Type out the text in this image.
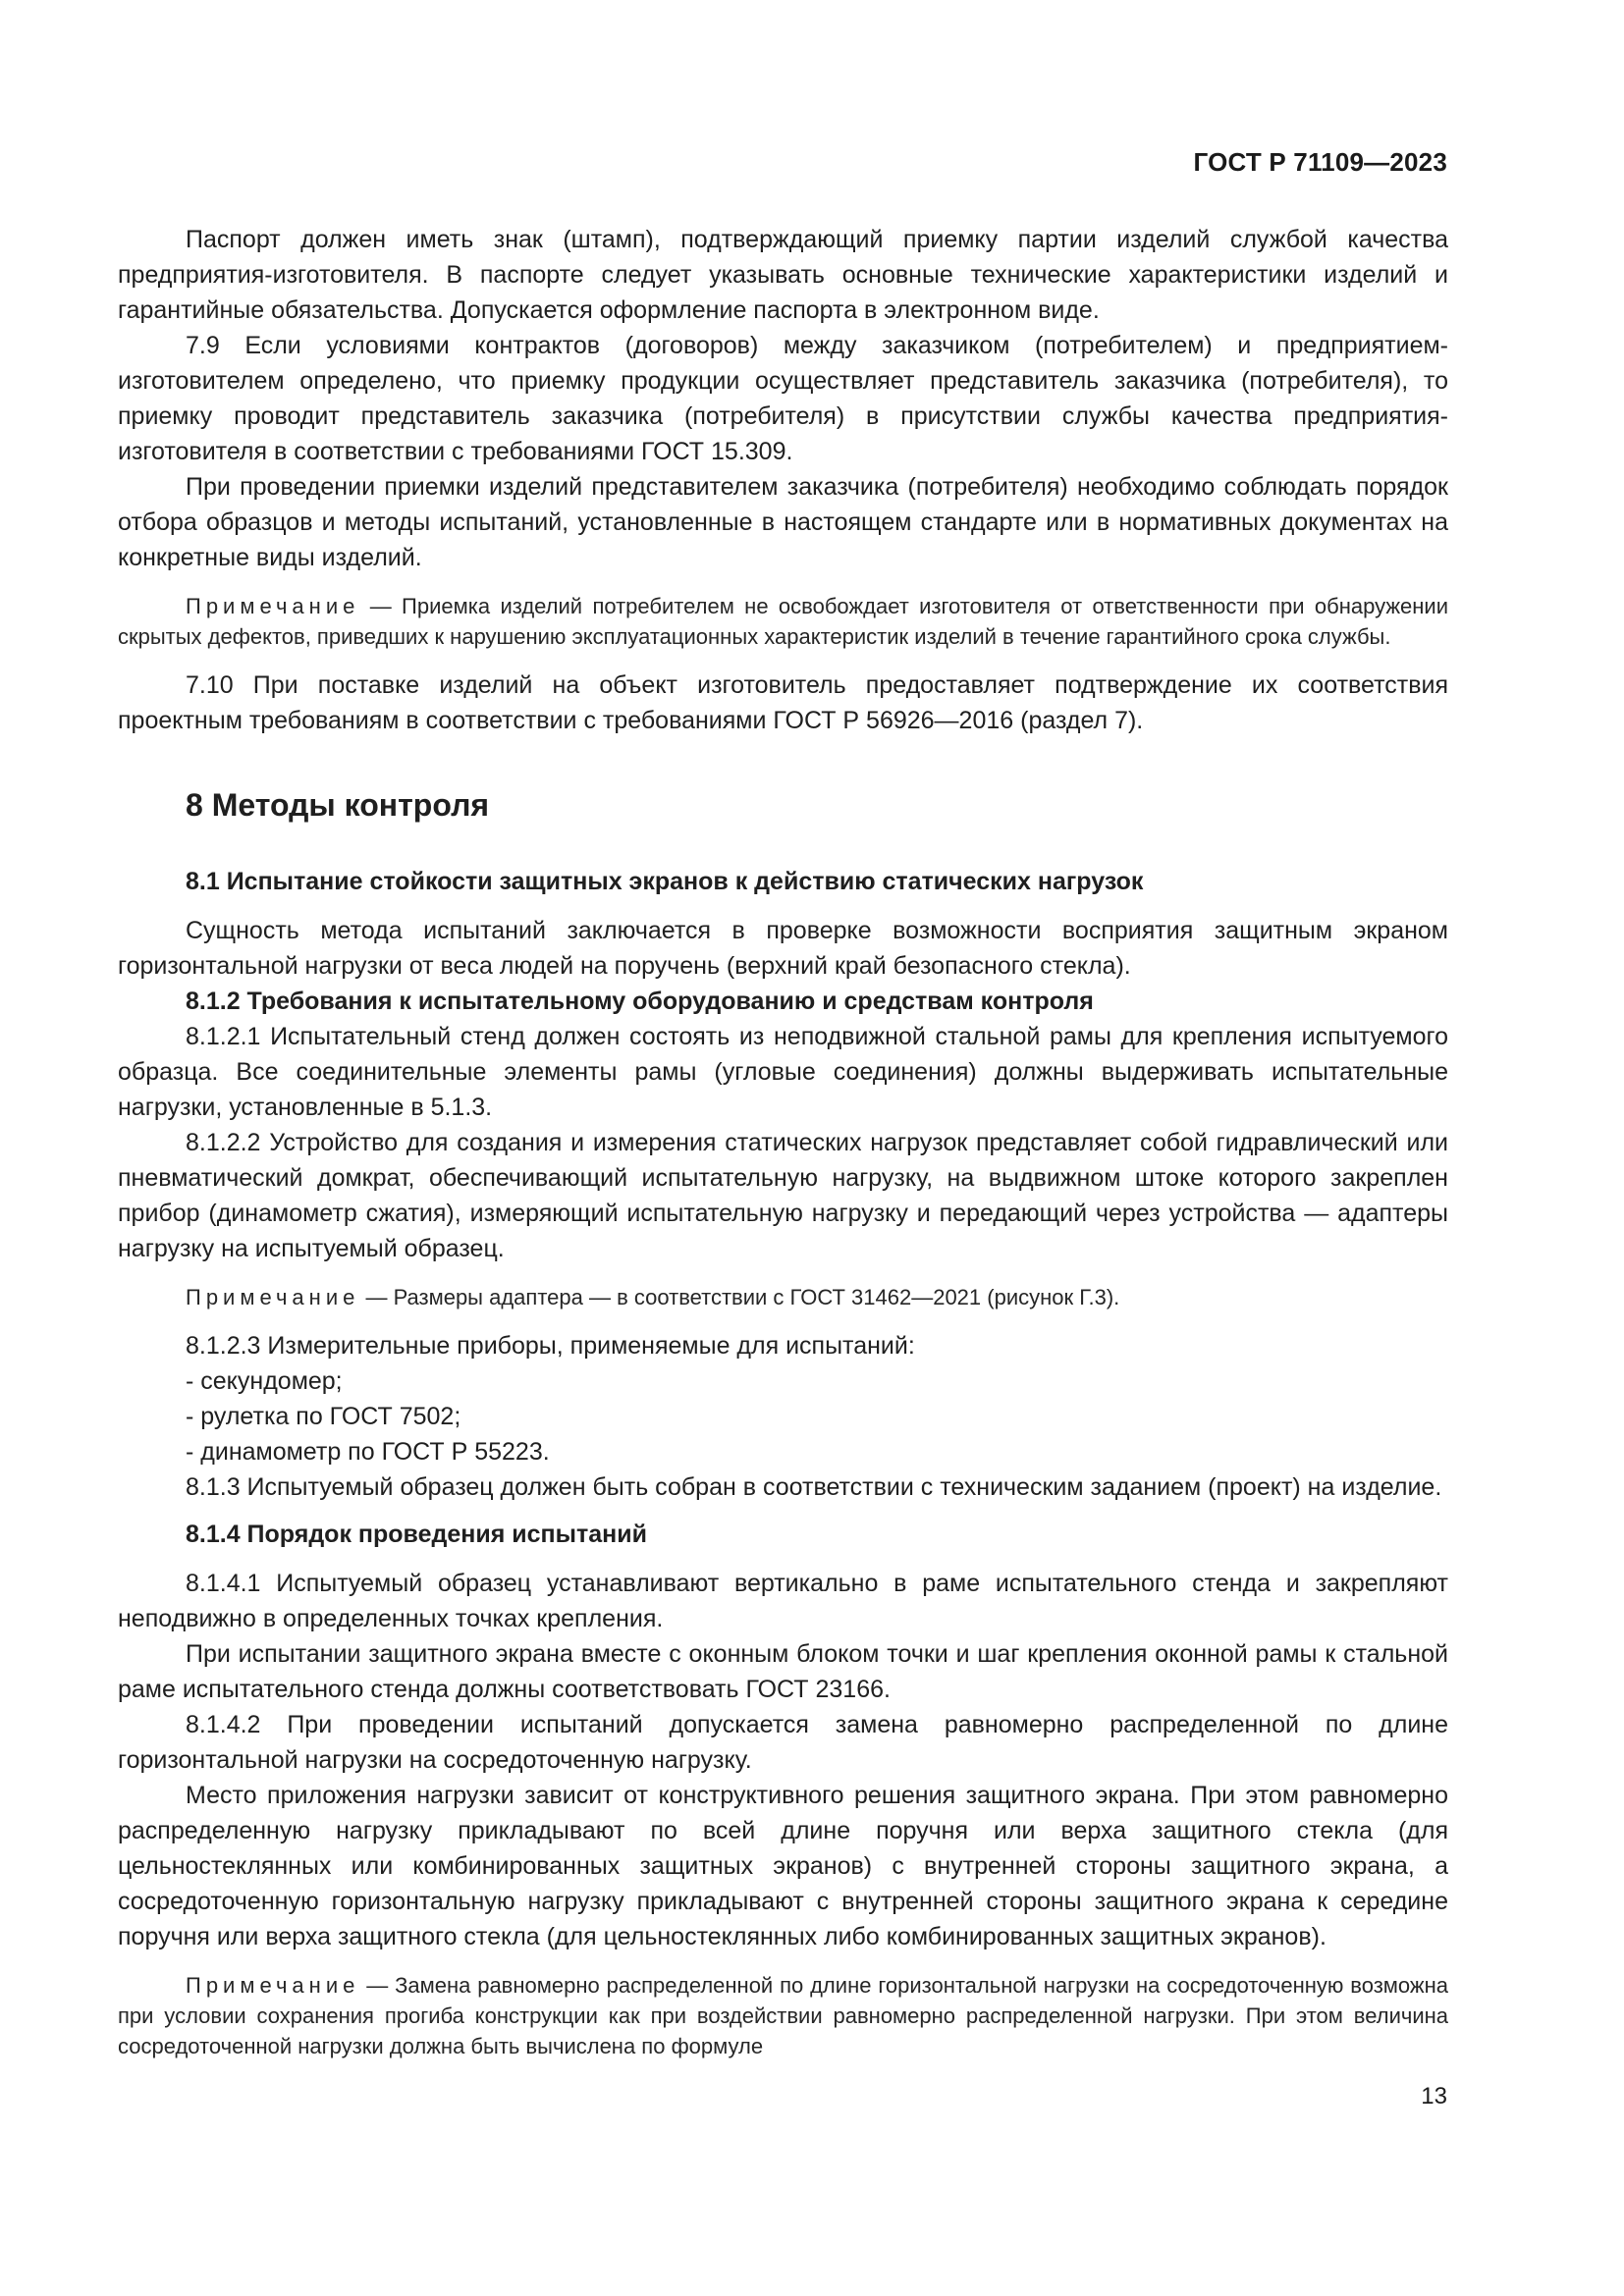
ГОСТ Р 71109—2023

Паспорт должен иметь знак (штамп), подтверждающий приемку партии изделий службой качества предприятия-изготовителя. В паспорте следует указывать основные технические характеристики изделий и гарантийные обязательства. Допускается оформление паспорта в электронном виде.

7.9 Если условиями контрактов (договоров) между заказчиком (потребителем) и предприятием-изготовителем определено, что приемку продукции осуществляет представитель заказчика (потребителя), то приемку проводит представитель заказчика (потребителя) в присутствии службы качества предприятия-изготовителя в соответствии с требованиями ГОСТ 15.309.

При проведении приемки изделий представителем заказчика (потребителя) необходимо соблюдать порядок отбора образцов и методы испытаний, установленные в настоящем стандарте или в нормативных документах на конкретные виды изделий.

Примечание — Приемка изделий потребителем не освобождает изготовителя от ответственности при обнаружении скрытых дефектов, приведших к нарушению эксплуатационных характеристик изделий в течение гарантийного срока службы.

7.10 При поставке изделий на объект изготовитель предоставляет подтверждение их соответствия проектным требованиям в соответствии с требованиями ГОСТ Р 56926—2016 (раздел 7).

8 Методы контроля
8.1 Испытание стойкости защитных экранов к действию статических нагрузок

Сущность метода испытаний заключается в проверке возможности восприятия защитным экраном горизонтальной нагрузки от веса людей на поручень (верхний край безопасного стекла).

8.1.2 Требования к испытательному оборудованию и средствам контроля

8.1.2.1 Испытательный стенд должен состоять из неподвижной стальной рамы для крепления испытуемого образца. Все соединительные элементы рамы (угловые соединения) должны выдерживать испытательные нагрузки, установленные в 5.1.3.

8.1.2.2 Устройство для создания и измерения статических нагрузок представляет собой гидравлический или пневматический домкрат, обеспечивающий испытательную нагрузку, на выдвижном штоке которого закреплен прибор (динамометр сжатия), измеряющий испытательную нагрузку и передающий через устройства — адаптеры нагрузку на испытуемый образец.

Примечание — Размеры адаптера — в соответствии с ГОСТ 31462—2021 (рисунок Г.3).

8.1.2.3 Измерительные приборы, применяемые для испытаний:

- секундомер;

- рулетка по ГОСТ 7502;

- динамометр по ГОСТ Р 55223.

8.1.3 Испытуемый образец должен быть собран в соответствии с техническим заданием (проект) на изделие.

8.1.4 Порядок проведения испытаний

8.1.4.1 Испытуемый образец устанавливают вертикально в раме испытательного стенда и закрепляют неподвижно в определенных точках крепления.

При испытании защитного экрана вместе с оконным блоком точки и шаг крепления оконной рамы к стальной раме испытательного стенда должны соответствовать ГОСТ 23166.

8.1.4.2 При проведении испытаний допускается замена равномерно распределенной по длине горизонтальной нагрузки на сосредоточенную нагрузку.

Место приложения нагрузки зависит от конструктивного решения защитного экрана. При этом равномерно распределенную нагрузку прикладывают по всей длине поручня или верха защитного стекла (для цельностеклянных или комбинированных защитных экранов) с внутренней стороны защитного экрана, а сосредоточенную горизонтальную нагрузку прикладывают с внутренней стороны защитного экрана к середине поручня или верха защитного стекла (для цельностеклянных либо комбинированных защитных экранов).

Примечание — Замена равномерно распределенной по длине горизонтальной нагрузки на сосредоточенную возможна при условии сохранения прогиба конструкции как при воздействии равномерно распределенной нагрузки. При этом величина сосредоточенной нагрузки должна быть вычислена по формуле

13
